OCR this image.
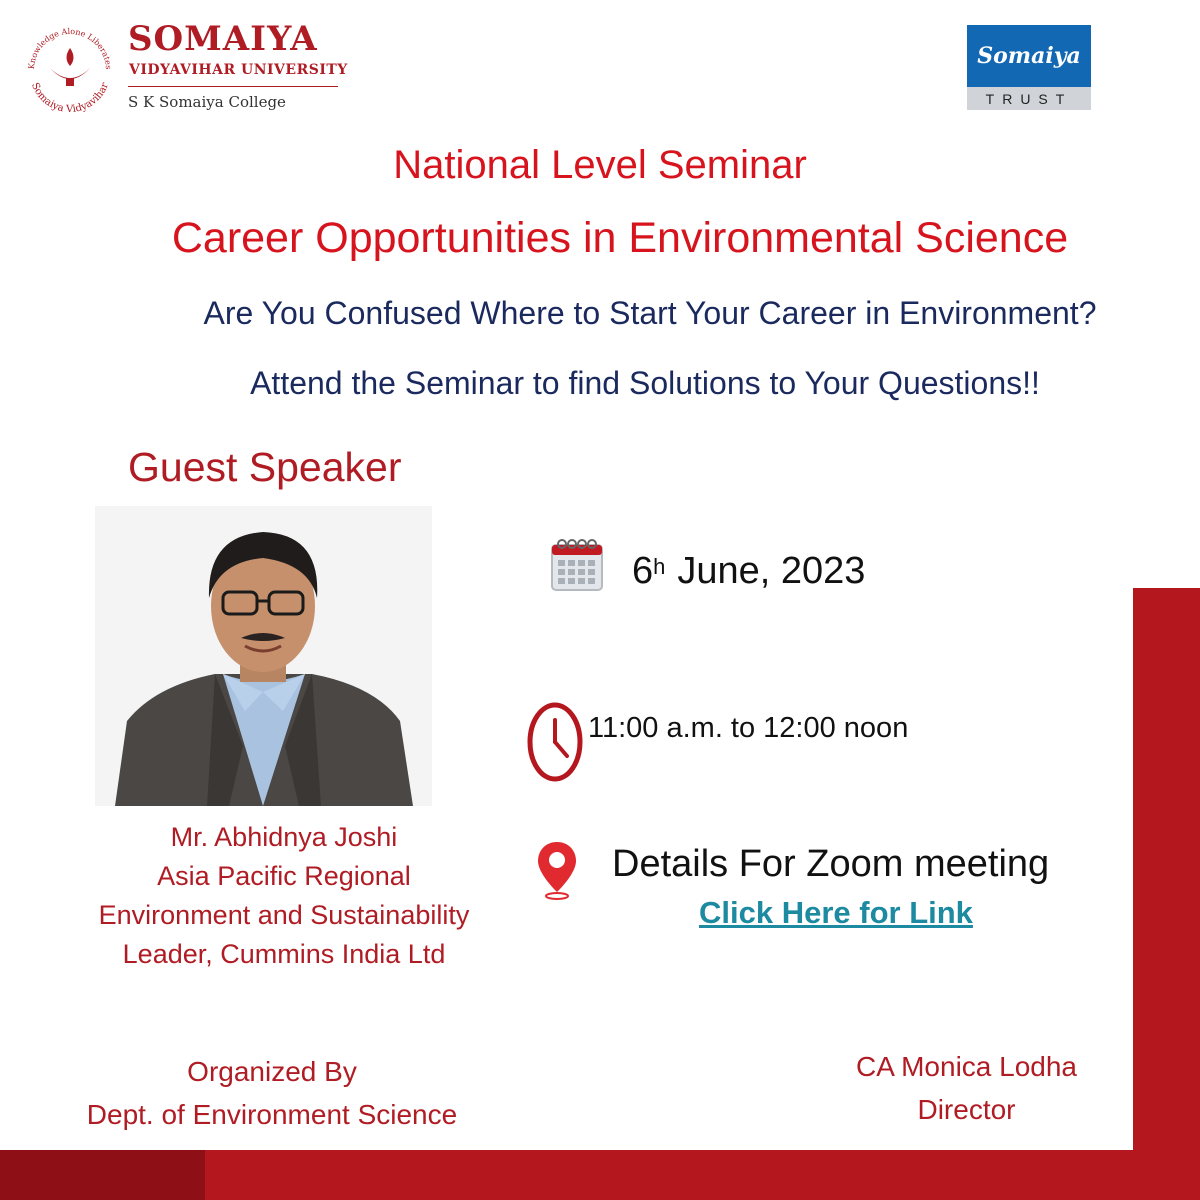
Knowledge Alone Liberates
Somaiya Vidyavihar
SOMAIYA
VIDYAVIHAR UNIVERSITY
S K Somaiya College
Somaiya
TRUST
National Level Seminar
Career Opportunities in Environmental Science
Are You Confused Where to Start Your Career in Environment?
Attend the Seminar to find Solutions to Your Questions!!
Guest Speaker
Mr. Abhidnya Joshi
Asia Pacific Regional
Environment and Sustainability
Leader, Cummins India Ltd
6$^h$ June, 2023
11:00 a.m. to 12:00 noon
Details For Zoom meeting
Click Here for Link
Organized By
Dept. of Environment Science
CA Monica Lodha
Director
